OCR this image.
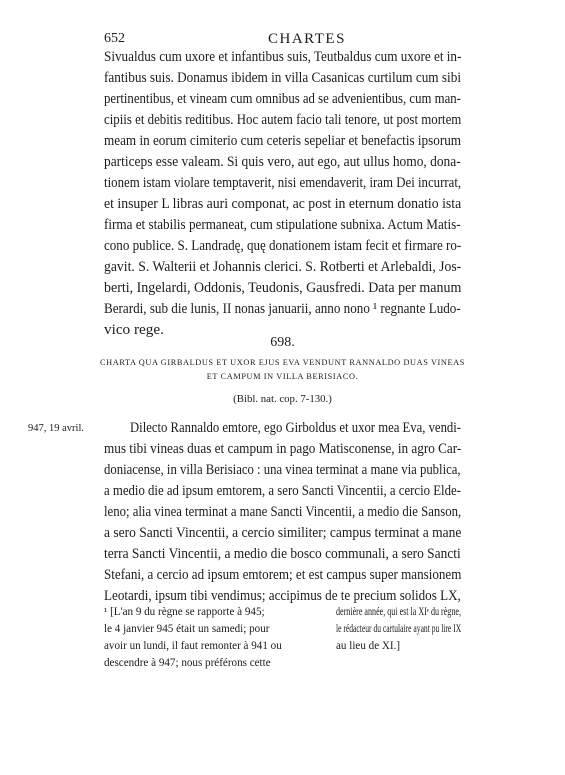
652	CHARTES
Sivualdus cum uxore et infantibus suis, Teutbaldus cum uxore et in-
fantibus suis. Donamus ibidem in villa Casanicas curtilum cum sibi
pertinentibus, et vineam cum omnibus ad se advenientibus, cum man-
cipiis et debitis reditibus. Hoc autem facio tali tenore, ut post mortem
meam in eorum cimiterio cum ceteris sepeliar et benefactis ipsorum
particeps esse valeam. Si quis vero, aut ego, aut ullus homo, dona-
tionem istam violare temptaverit, nisi emendaverit, iram Dei incurrat,
et insuper L libras auri componat, ac post in eternum donatio ista
firma et stabilis permaneat, cum stipulatione subnixa. Actum Matis-
cono publice. S. Landradę, quę donationem istam fecit et firmare ro-
gavit. S. Walterii et Johannis clerici. S. Rotberti et Arlebaldi, Jos-
berti, Ingelardi, Oddonis, Teudonis, Gausfredi. Data per manum
Berardi, sub die lunis, II nonas januarii, anno nono ¹ regnante Ludo-
vico rege.
698.
CHARTA QUA GIRBALDUS ET UXOR EJUS EVA VENDUNT RANNALDO DUAS VINEAS
ET CAMPUM IN VILLA BERISIACO.
(Bibl. nat. cop. 7-130.)
947, 19 avril.	Dilecto Rannaldo emtore, ego Girboldus et uxor mea Eva, vendi-
mus tibi vineas duas et campum in pago Matisconense, in agro Car-
doniacense, in villa Berisiaco : una vinea terminat a mane via publica,
a medio die ad ipsum emtorem, a sero Sancti Vincentii, a cercio Elde-
leno; alia vinea terminat a mane Sancti Vincentii, a medio die Sanson,
a sero Sancti Vincentii, a cercio similiter; campus terminat a mane
terra Sancti Vincentii, a medio die bosco communali, a sero Sancti
Stefani, a cercio ad ipsum emtorem; et est campus super mansionem
Leotardi, ipsum tibi vendimus; accipimus de te precium solidos LX,
¹ [L'an 9 du règne se rapporte à 945;
le 4 janvier 945 était un samedi; pour
avoir un lundi, il faut remonter à 941 ou
descendre à 947; nous préférons cette
dernière année, qui est la XIᵉ du règne,
le rédacteur du cartulaire ayant pu lire IX
au lieu de XI.]
